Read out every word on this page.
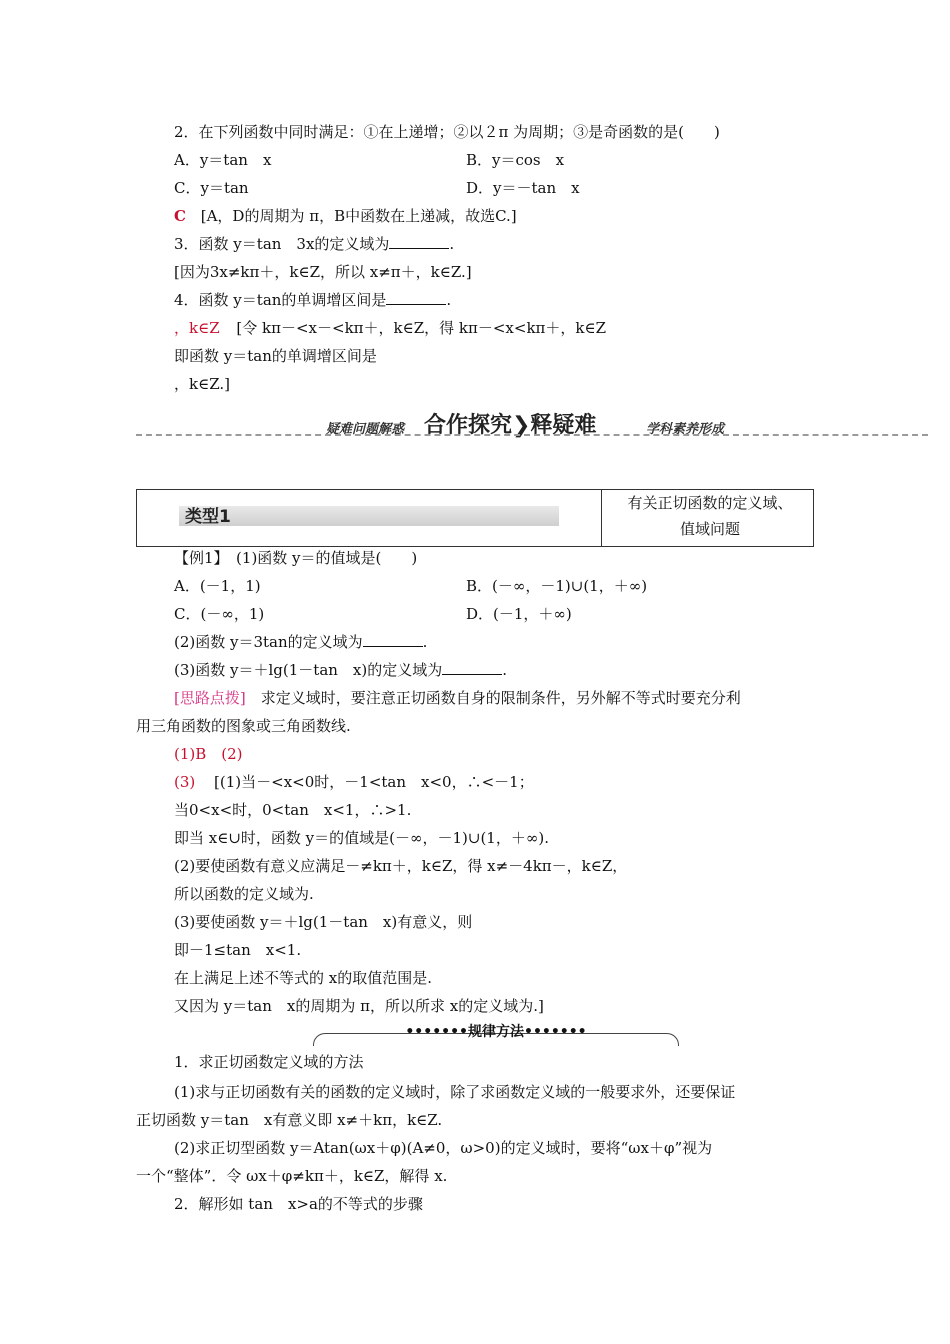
2．在下列函数中同时满足：①在上递增；②以２π 为周期；③是奇函数的是(　　)
A．y＝tan　x	B．y＝cos　x
C．y＝tan	D．y＝－tan　x
C [A，D的周期为 π，B中函数在上递减，故选C.]
3．函数 y＝tan　3x的定义域为	.
[因为3x≠kπ＋，k∈Z，所以 x≠π＋，k∈Z.]
4．函数 y＝tan的单调增区间是	.
，k∈Z [令 kπ－<x－<kπ＋，k∈Z，得 kπ－<x<kπ＋，k∈Z
即函数 y＝tan的单调增区间是
，k∈Z.]
疑难问题解惑 合作探究❯释疑难	学科素养形成
类型1
有关正切函数的定义域、
值域问题
【例1】　(1)函数 y＝的值域是(　　)
A．(－1，1)	B．(－∞，－1)∪(1，＋∞)
C．(－∞，1)	D．(－1，＋∞)
(2)函数 y＝3tan的定义域为	.
(3)函数 y＝＋lg(1－tan　x)的定义域为	.
[思路点拨]　求定义域时，要注意正切函数自身的限制条件，另外解不等式时要充分利
用三角函数的图象或三角函数线.
(1)B　(2)
(3) [(1)当－<x<0时，－1<tan　x<0，∴<－1；
当0<x<时，0<tan　x<1，∴>1.
即当 x∈∪时，函数 y＝的值域是(－∞，－1)∪(1，＋∞).
(2)要使函数有意义应满足－≠kπ＋，k∈Z，得 x≠－4kπ－，k∈Z，
所以函数的定义域为.
(3)要使函数 y＝＋lg(1－tan　x)有意义，则
即－1≤tan　x<1.
在上满足上述不等式的 x的取值范围是.
又因为 y＝tan　x的周期为 π，所以所求 x的定义域为.]
•••••••规律方法•••••••
1．求正切函数定义域的方法
(1)求与正切函数有关的函数的定义域时，除了求函数定义域的一般要求外，还要保证
正切函数 y＝tan　x有意义即 x≠＋kπ，k∈Z.
(2)求正切型函数 y＝Atan(ωx＋φ)(A≠0，ω>0)的定义域时，要将“ωx＋φ”视为
一个“整体”．令 ωx＋φ≠kπ＋，k∈Z，解得 x.
2．解形如 tan　x>a的不等式的步骤
